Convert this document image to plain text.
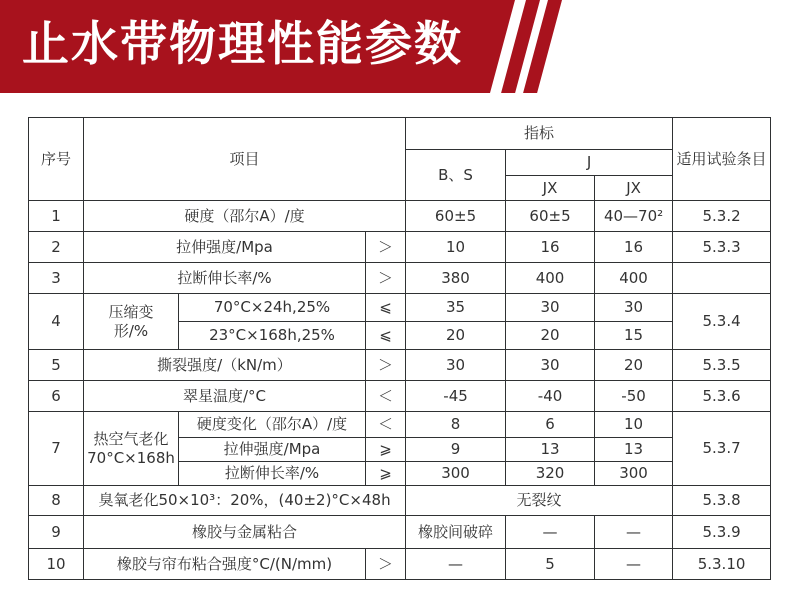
止水带物理性能参数
序号	项目			指标			适用试验条目
				B、S	J		
					JX	JX	
1	硬度（邵尔A）/度			60±5	60±5	40—70²	5.3.2
2	拉伸强度/Mpa		＞	10	16	16	5.3.3
3	拉断伸长率/%		＞	380	400	400	
4	压缩变形/%	70°C×24h,25%	⩽	35	30	30	5.3.4
		23°C×168h,25%	⩽	20	20	15	
5	撕裂强度/（kN/m）		＞	30	30	20	5.3.5
6	翠星温度/°C		＜	-45	-40	-50	5.3.6
7	热空气老化70°C×168h	硬度变化（邵尔A）/度	＜	8	6	10	5.3.7
		拉伸强度/Mpa	⩾	9	13	13	
		拉断伸长率/%	⩾	300	320	300	
8	臭氧老化50×10³：20%，(40±2)°C×48h			无裂纹			5.3.8
9	橡胶与金属粘合			橡胶间破碎	—	—	5.3.9
10	橡胶与帘布粘合强度°C/(N/mm)		＞	—	5	—	5.3.10
